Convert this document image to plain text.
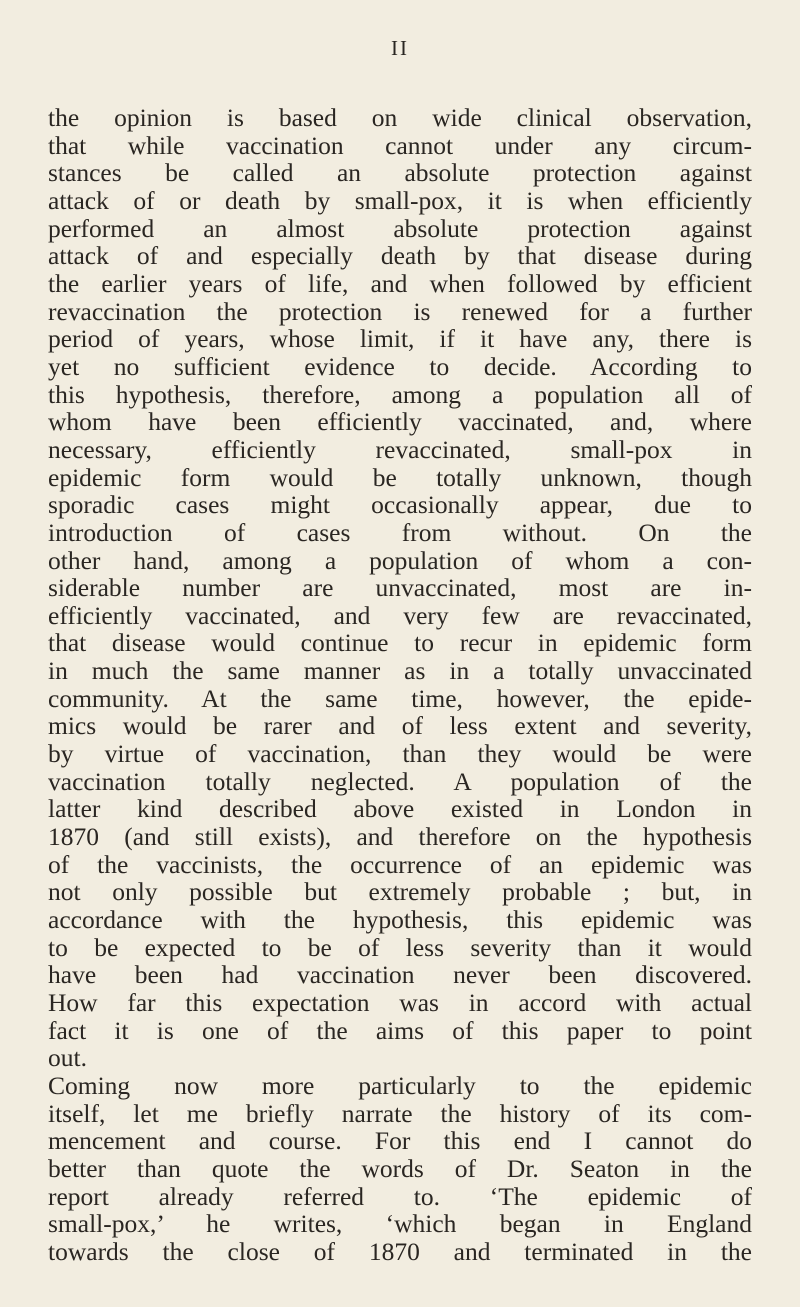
II
the opinion is based on wide clinical observation,
that while vaccination cannot under any circum-
stances be called an absolute protection against
attack of or death by small-pox, it is when efficiently
performed an almost absolute protection against
attack of and especially death by that disease during
the earlier years of life, and when followed by efficient
revaccination the protection is renewed for a further
period of years, whose limit, if it have any, there is
yet no sufficient evidence to decide. According to
this hypothesis, therefore, among a population all of
whom have been efficiently vaccinated, and, where
necessary, efficiently revaccinated, small-pox in
epidemic form would be totally unknown, though
sporadic cases might occasionally appear, due to
introduction of cases from without. On the
other hand, among a population of whom a con-
siderable number are unvaccinated, most are in-
efficiently vaccinated, and very few are revaccinated,
that disease would continue to recur in epidemic form
in much the same manner as in a totally unvaccinated
community. At the same time, however, the epide-
mics would be rarer and of less extent and severity,
by virtue of vaccination, than they would be were
vaccination totally neglected. A population of the
latter kind described above existed in London in
1870 (and still exists), and therefore on the hypothesis
of the vaccinists, the occurrence of an epidemic was
not only possible but extremely probable ; but, in
accordance with the hypothesis, this epidemic was
to be expected to be of less severity than it would
have been had vaccination never been discovered.
How far this expectation was in accord with actual
fact it is one of the aims of this paper to point
out.
Coming now more particularly to the epidemic
itself, let me briefly narrate the history of its com-
mencement and course. For this end I cannot do
better than quote the words of Dr. Seaton in the
report already referred to. ‘The epidemic of
small-pox,’ he writes, ‘which began in England
towards the close of 1870 and terminated in the
